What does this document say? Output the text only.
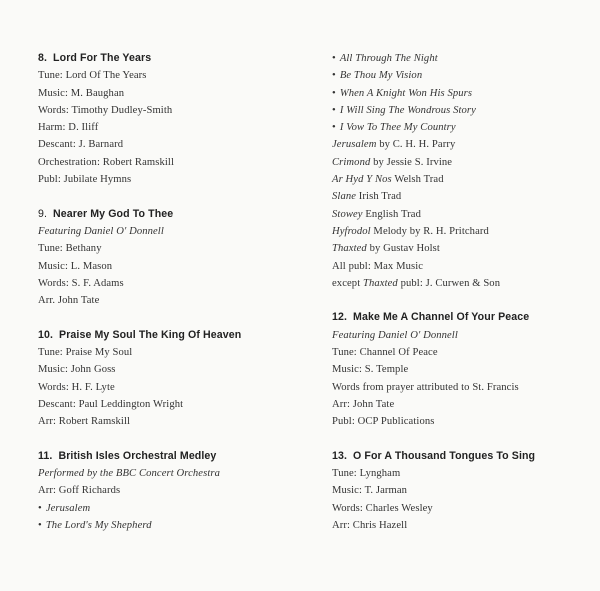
8. Lord For The Years
Tune: Lord Of The Years
Music: M. Baughan
Words: Timothy Dudley-Smith
Harm: D. Iliff
Descant: J. Barnard
Orchestration: Robert Ramskill
Publ: Jubilate Hymns
9. Nearer My God To Thee
Featuring Daniel O' Donnell
Tune: Bethany
Music: L. Mason
Words: S. F. Adams
Arr. John Tate
10. Praise My Soul The King Of Heaven
Tune: Praise My Soul
Music: John Goss
Words: H. F. Lyte
Descant: Paul Leddington Wright
Arr: Robert Ramskill
11. British Isles Orchestral Medley
Performed by the BBC Concert Orchestra
Arr: Goff Richards
• Jerusalem
• The Lord's My Shepherd
• All Through The Night
• Be Thou My Vision
• When A Knight Won His Spurs
• I Will Sing The Wondrous Story
• I Vow To Thee My Country
Jerusalem by C. H. H. Parry
Crimond by Jessie S. Irvine
Ar Hyd Y Nos Welsh Trad
Slane Irish Trad
Stowey English Trad
Hyfrodol Melody by R. H. Pritchard
Thaxted by Gustav Holst
All publ: Max Music
except Thaxted publ: J. Curwen & Son
12. Make Me A Channel Of Your Peace
Featuring Daniel O' Donnell
Tune: Channel Of Peace
Music: S. Temple
Words from prayer attributed to St. Francis
Arr: John Tate
Publ: OCP Publications
13. O For A Thousand Tongues To Sing
Tune: Lyngham
Music: T. Jarman
Words: Charles Wesley
Arr: Chris Hazell
